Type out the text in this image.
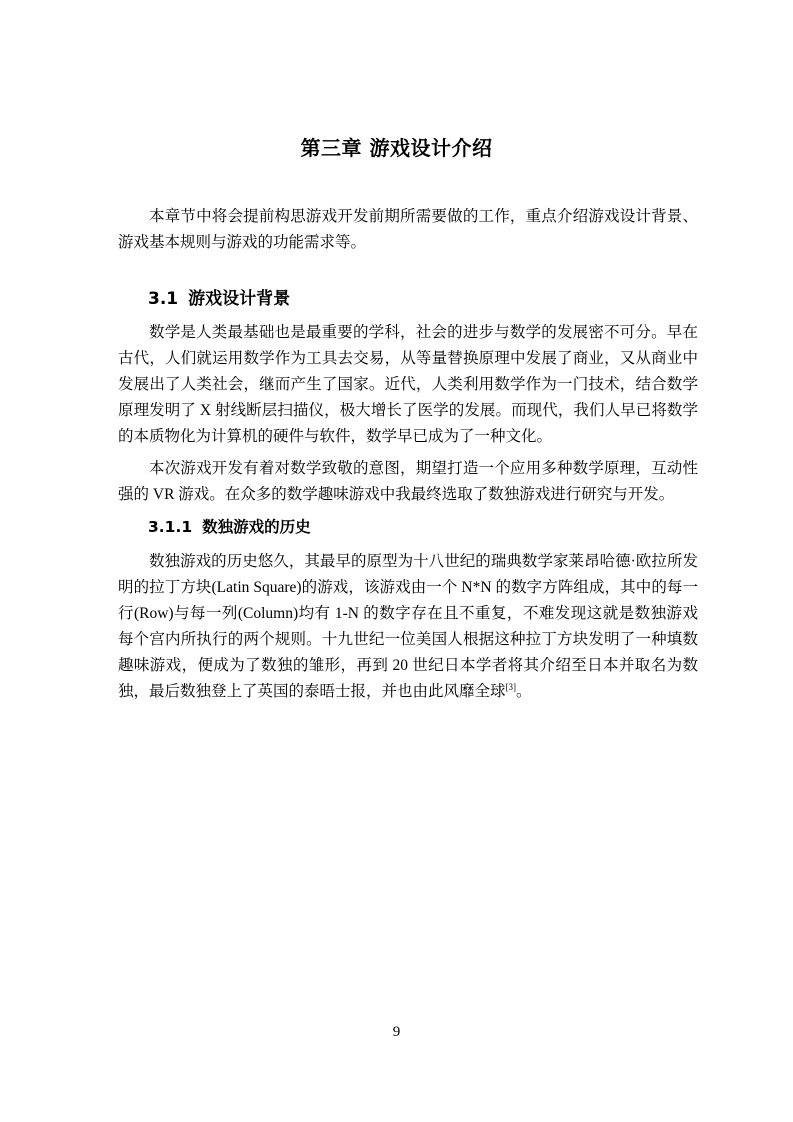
第三章 游戏设计介绍

本章节中将会提前构思游戏开发前期所需要做的工作，重点介绍游戏设计背景、游戏基本规则与游戏的功能需求等。

3.1 游戏设计背景

数学是人类最基础也是最重要的学科，社会的进步与数学的发展密不可分。早在古代，人们就运用数学作为工具去交易，从等量替换原理中发展了商业，又从商业中发展出了人类社会，继而产生了国家。近代，人类利用数学作为一门技术，结合数学原理发明了 X 射线断层扫描仪，极大增长了医学的发展。而现代，我们人早已将数学的本质物化为计算机的硬件与软件，数学早已成为了一种文化。

本次游戏开发有着对数学致敬的意图，期望打造一个应用多种数学原理，互动性强的 VR 游戏。在众多的数学趣味游戏中我最终选取了数独游戏进行研究与开发。

3.1.1 数独游戏的历史

数独游戏的历史悠久，其最早的原型为十八世纪的瑞典数学家莱昂哈德·欧拉所发明的拉丁方块(Latin Square)的游戏，该游戏由一个 N*N 的数字方阵组成，其中的每一行(Row)与每一列(Column)均有 1-N 的数字存在且不重复，不难发现这就是数独游戏每个宫内所执行的两个规则。十九世纪一位美国人根据这种拉丁方块发明了一种填数趣味游戏，便成为了数独的雏形，再到 20 世纪日本学者将其介绍至日本并取名为数独，最后数独登上了英国的泰晤士报，并也由此风靡全球[3]。

9
